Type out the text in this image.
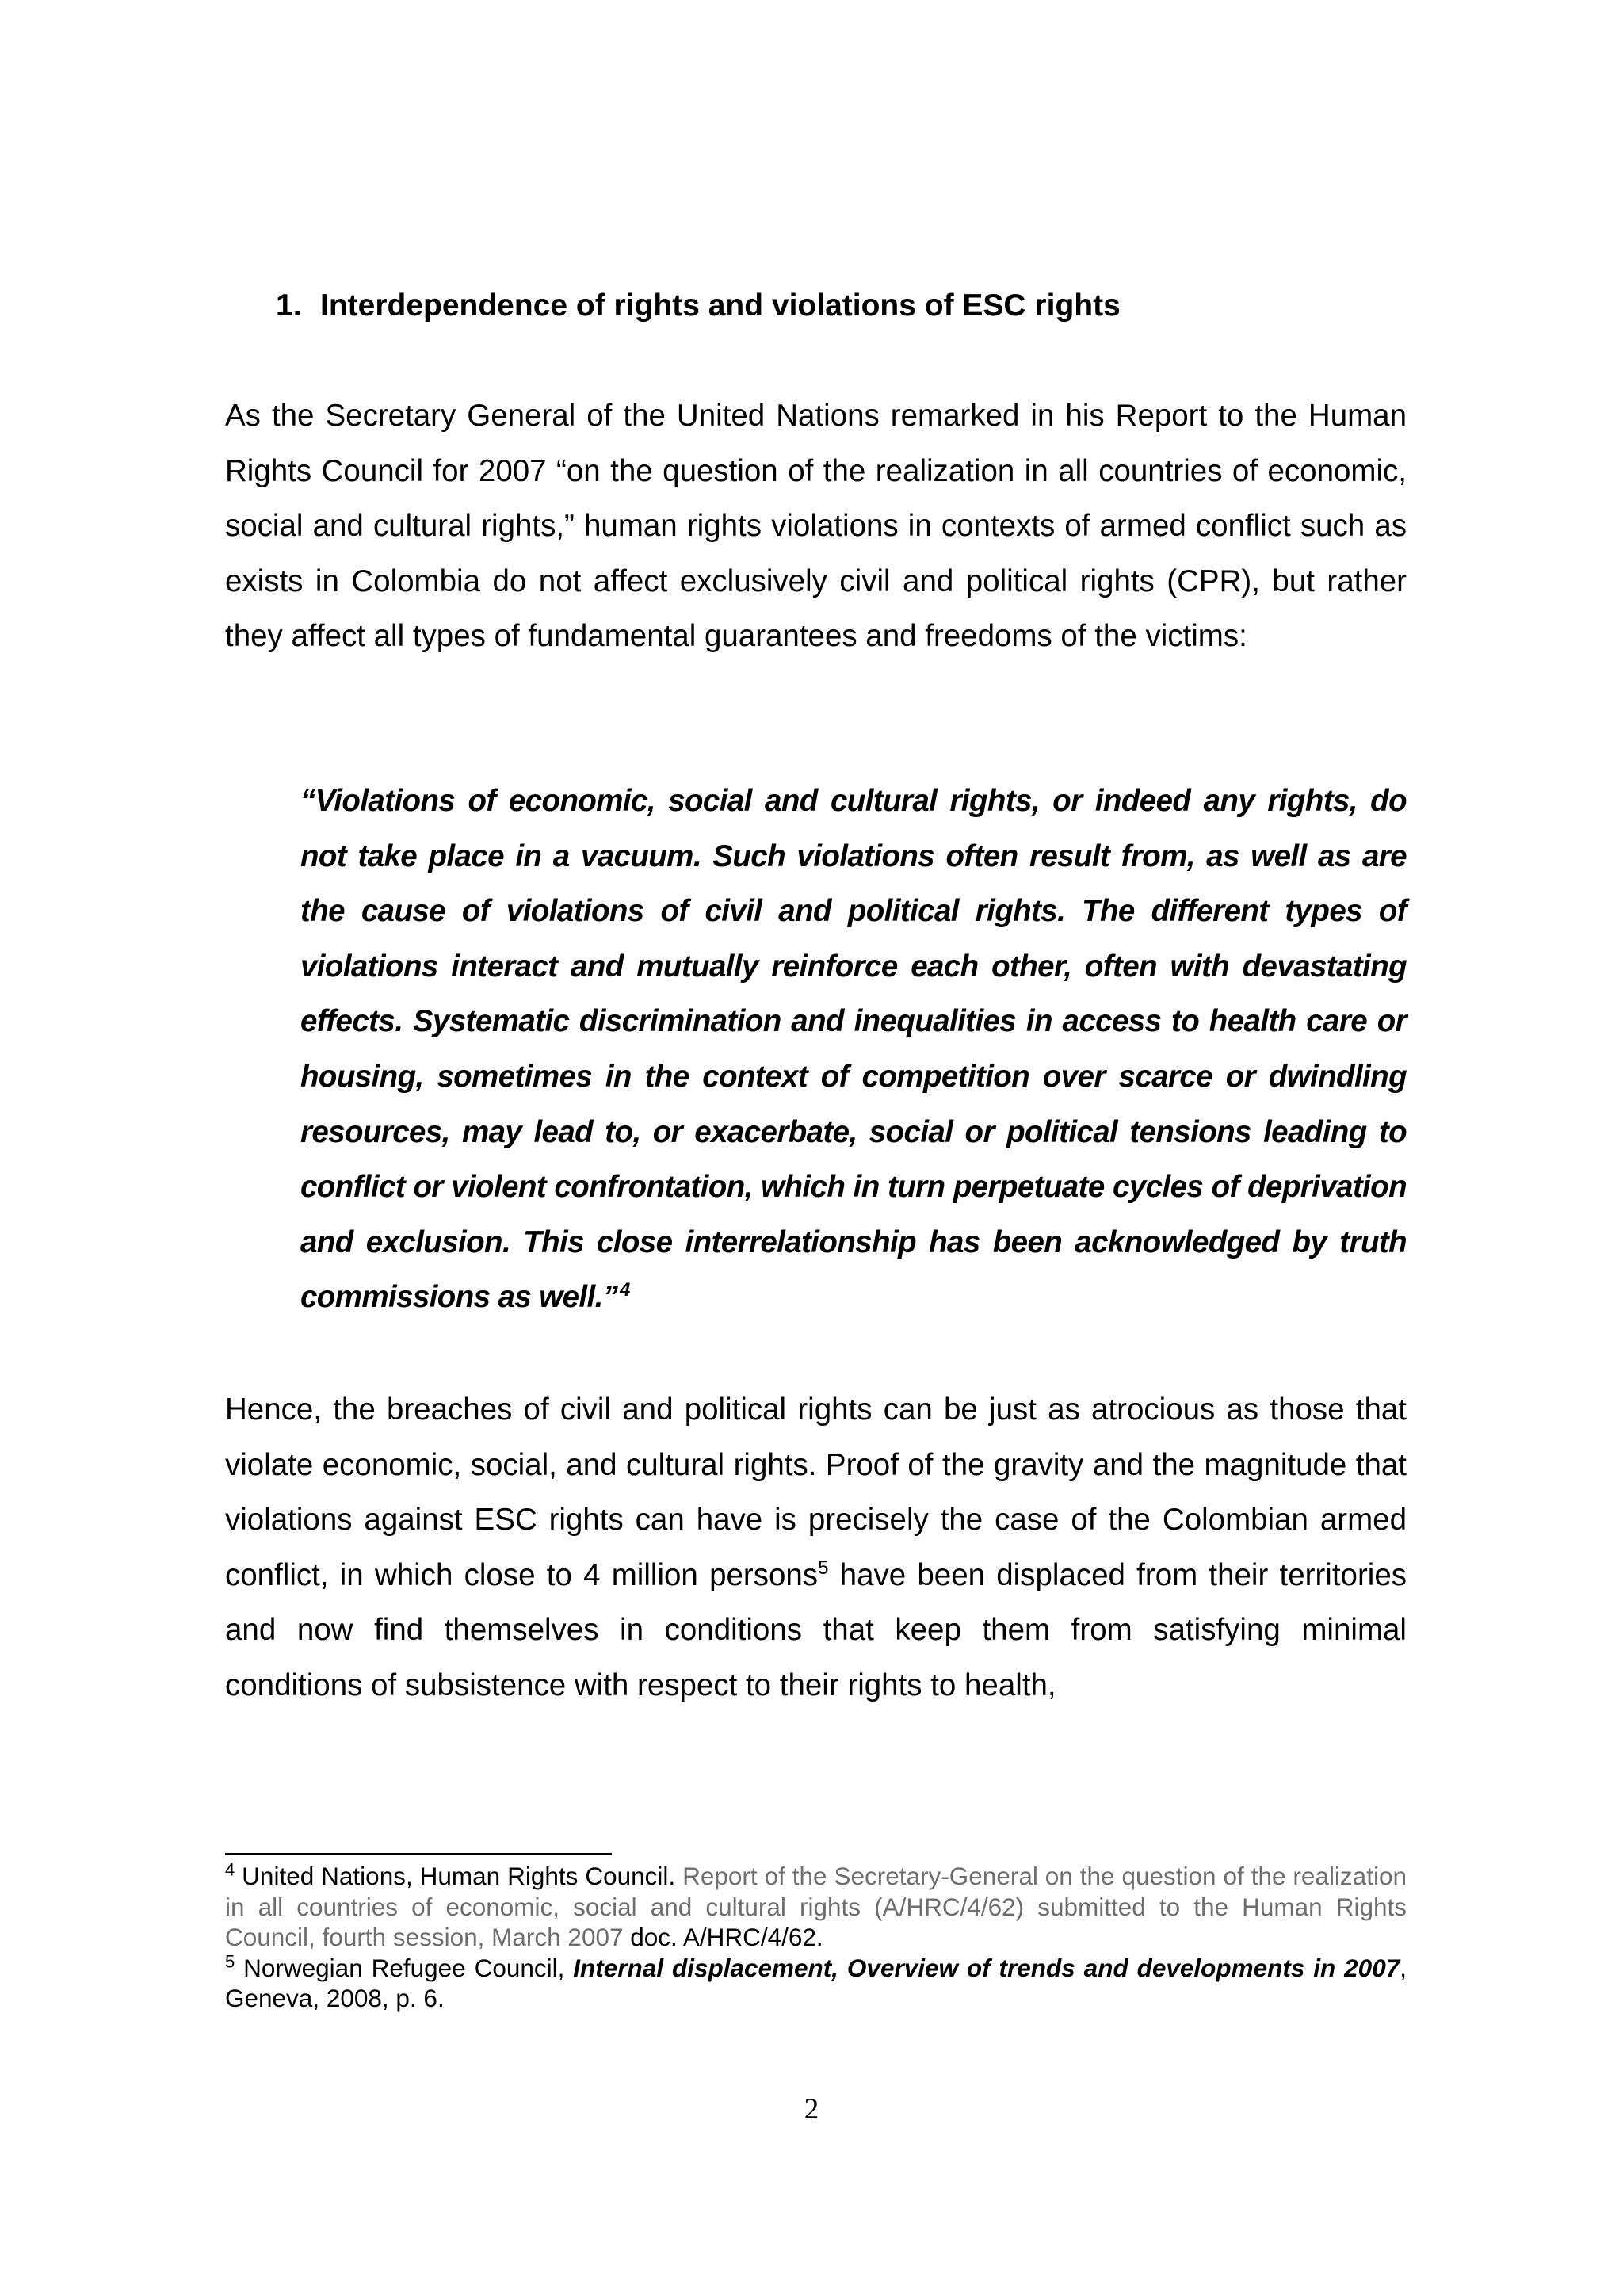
1. Interdependence of rights and violations of ESC rights
As the Secretary General of the United Nations remarked in his Report to the Human Rights Council for 2007 “on the question of the realization in all countries of economic, social and cultural rights,” human rights violations in contexts of armed conflict such as exists in Colombia do not affect exclusively civil and political rights (CPR), but rather they affect all types of fundamental guarantees and freedoms of the victims:
“Violations of economic, social and cultural rights, or indeed any rights, do not take place in a vacuum. Such violations often result from, as well as are the cause of violations of civil and political rights. The different types of violations interact and mutually reinforce each other, often with devastating effects. Systematic discrimination and inequalities in access to health care or housing, sometimes in the context of competition over scarce or dwindling resources, may lead to, or exacerbate, social or political tensions leading to conflict or violent confrontation, which in turn perpetuate cycles of deprivation and exclusion. This close interrelationship has been acknowledged by truth commissions as well.”  $^4$
Hence, the breaches of civil and political rights can be just as atrocious as those that violate economic, social, and cultural rights. Proof of the gravity and the magnitude that violations against ESC rights can have is precisely the case of the Colombian armed conflict, in which close to 4 million persons$^5$ have been displaced from their territories and now find themselves in conditions that keep them from satisfying minimal conditions of subsistence with respect to their rights to health,
$^4$ United Nations, Human Rights Council. Report of the Secretary-General on the question of the realization in all countries of economic, social and cultural rights (A/HRC/4/62) submitted to the Human Rights Council, fourth session, March 2007 doc. A/HRC/4/62.
$^5$ Norwegian Refugee Council, Internal displacement, Overview of trends and developments in 2007, Geneva, 2008, p. 6.
2
